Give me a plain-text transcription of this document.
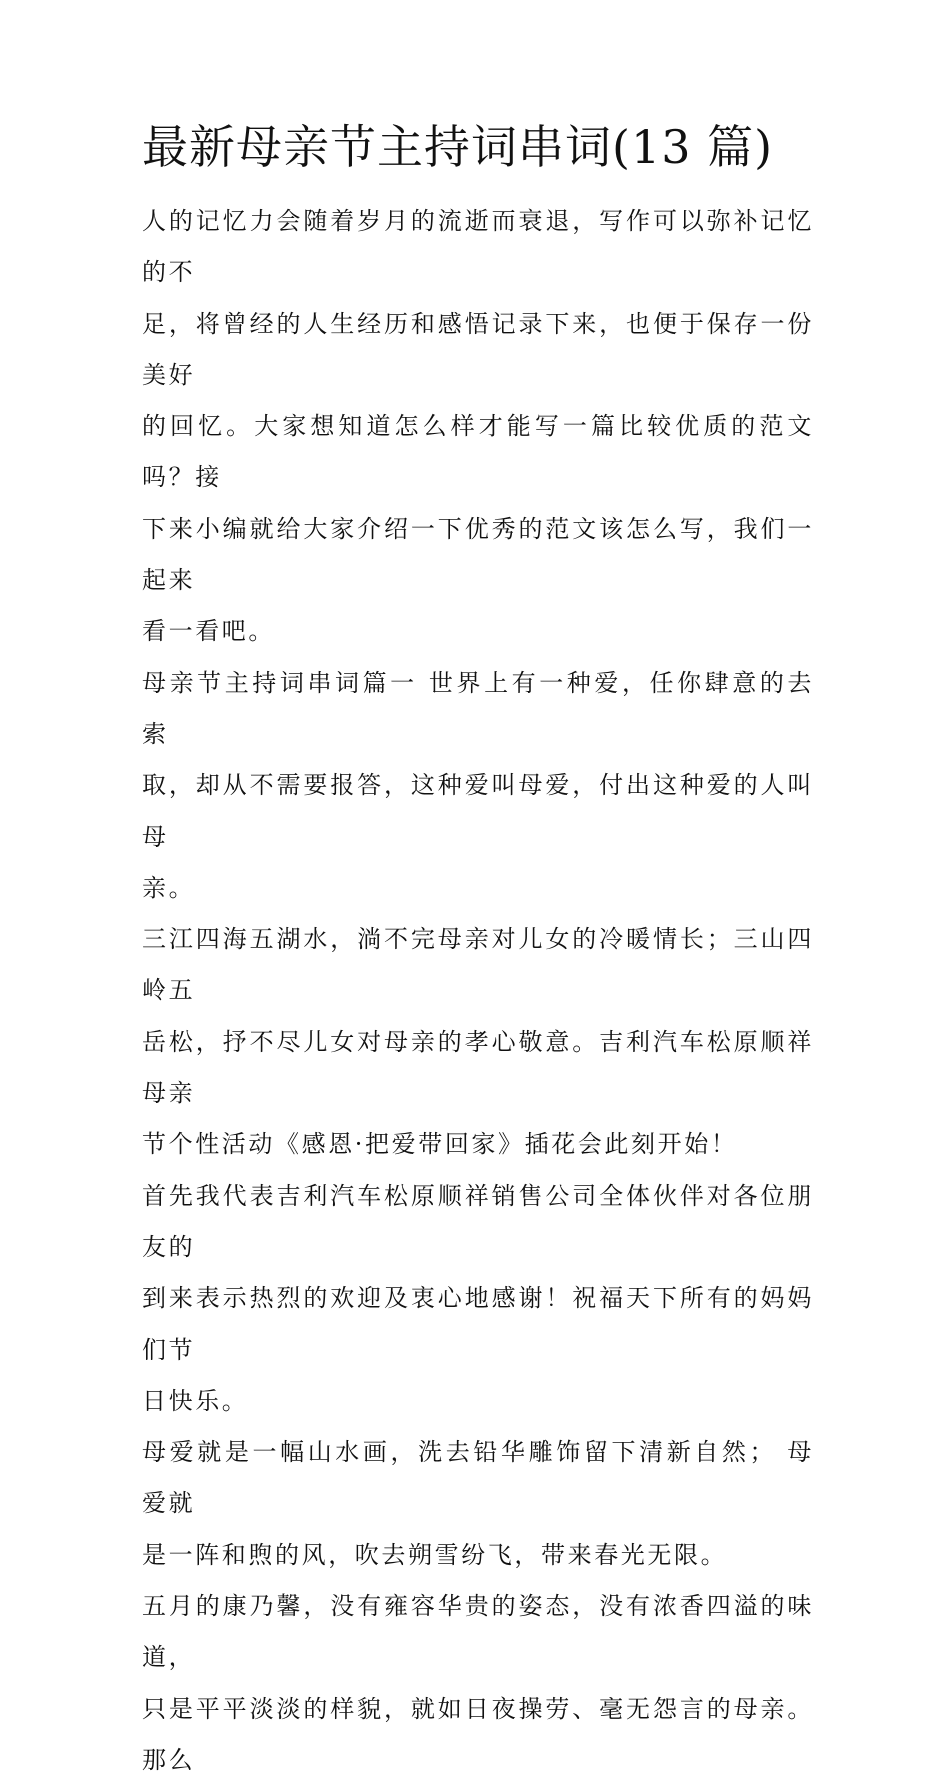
最新母亲节主持词串词(13 篇)

人的记忆力会随着岁月的流逝而衰退，写作可以弥补记忆的不
足，将曾经的人生经历和感悟记录下来，也便于保存一份美好
的回忆。大家想知道怎么样才能写一篇比较优质的范文吗？接
下来小编就给大家介绍一下优秀的范文该怎么写，我们一起来
看一看吧。

母亲节主持词串词篇一 世界上有一种爱，任你肆意的去索
取，却从不需要报答，这种爱叫母爱，付出这种爱的人叫母
亲。

三江四海五湖水，淌不完母亲对儿女的冷暖情长；三山四岭五
岳松，抒不尽儿女对母亲的孝心敬意。吉利汽车松原顺祥母亲
节个性活动《感恩·把爱带回家》插花会此刻开始！

首先我代表吉利汽车松原顺祥销售公司全体伙伴对各位朋友的
到来表示热烈的欢迎及衷心地感谢！祝福天下所有的妈妈们节
日快乐。

母爱就是一幅山水画，洗去铅华雕饰留下清新自然； 母爱就
是一阵和煦的风，吹去朔雪纷飞，带来春光无限。

五月的康乃馨，没有雍容华贵的姿态，没有浓香四溢的味道，
只是平平淡淡的样貌，就如日夜操劳、毫无怨言的母亲。那么
